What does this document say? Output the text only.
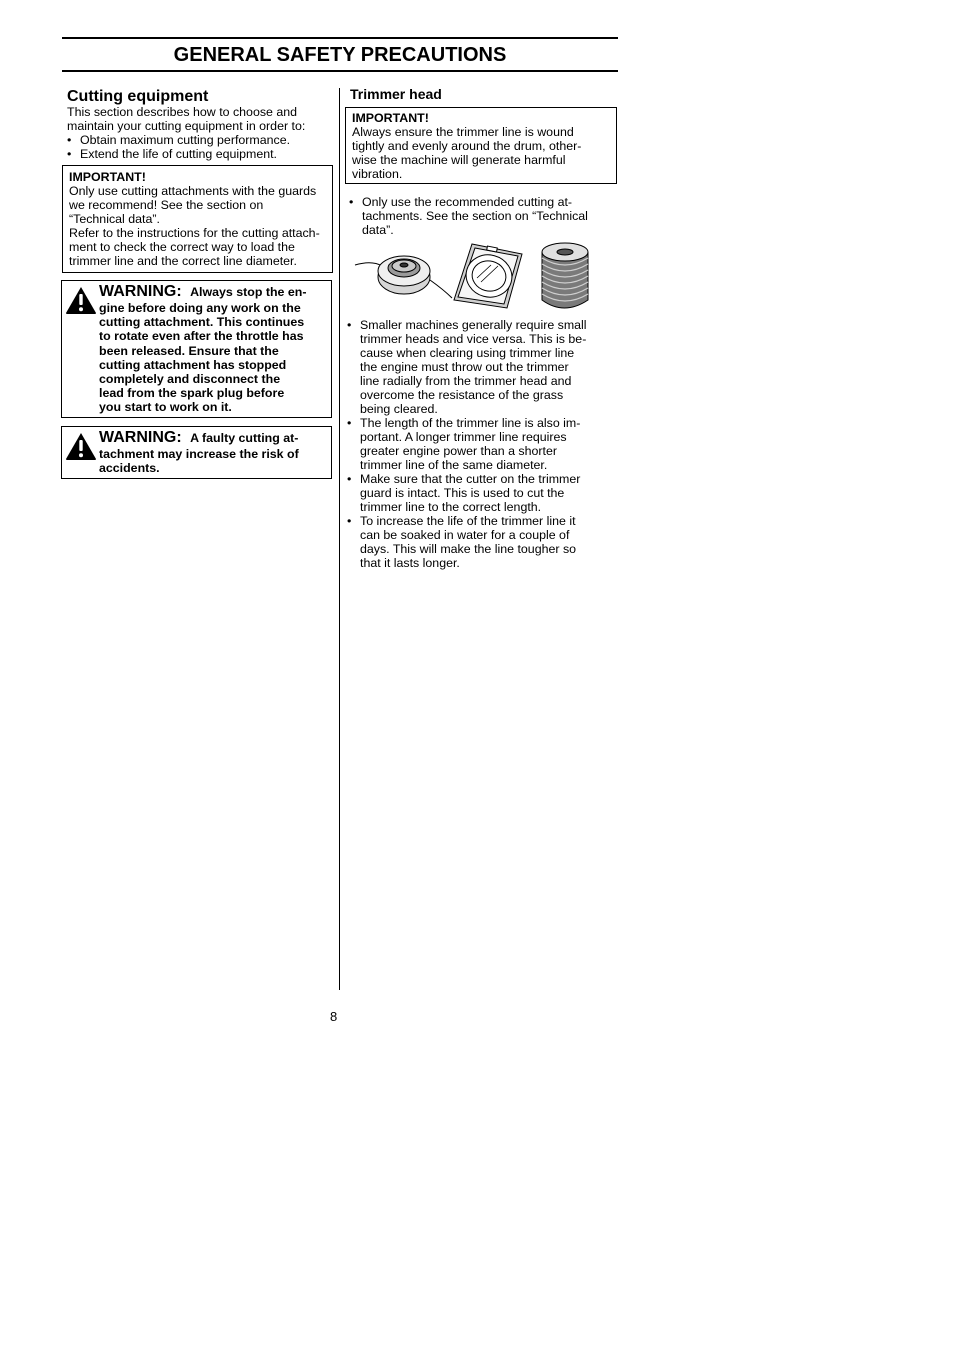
GENERAL SAFETY PRECAUTIONS
Cutting equipment
This section describes how to choose and
maintain your cutting equipment in order to:
• Obtain maximum cutting performance.
• Extend the life of cutting equipment.
IMPORTANT!
Only use cutting attachments with the guards
we recommend! See the section on
“Technical data”.
Refer to the instructions for the cutting attach-
ment to check the correct way to load the
trimmer line and the correct line diameter.
WARNING: Always stop the en-
gine before doing any work on the
cutting attachment. This continues
to rotate even after the throttle has
been released. Ensure that the
cutting attachment has stopped
completely and disconnect the
lead from the spark plug before
you start to work on it.
WARNING: A faulty cutting at-
tachment may increase the risk of
accidents.
Trimmer head
IMPORTANT!
Always ensure the trimmer line is wound
tightly and evenly around the drum, other-
wise the machine will generate harmful
vibration.
• Only use the recommended cutting at-
tachments. See the section on “Technical
data”.
• Smaller machines generally require small
trimmer heads and vice versa. This is be-
cause when clearing using trimmer line
the engine must throw out the trimmer
line radially from the trimmer head and
overcome the resistance of the grass
being cleared.
• The length of the trimmer line is also im-
portant. A longer trimmer line requires
greater engine power than a shorter
trimmer line of the same diameter.
• Make sure that the cutter on the trimmer
guard is intact. This is used to cut the
trimmer line to the correct length.
• To increase the life of the trimmer line it
can be soaked in water for a couple of
days. This will make the line tougher so
that it lasts longer.
8
